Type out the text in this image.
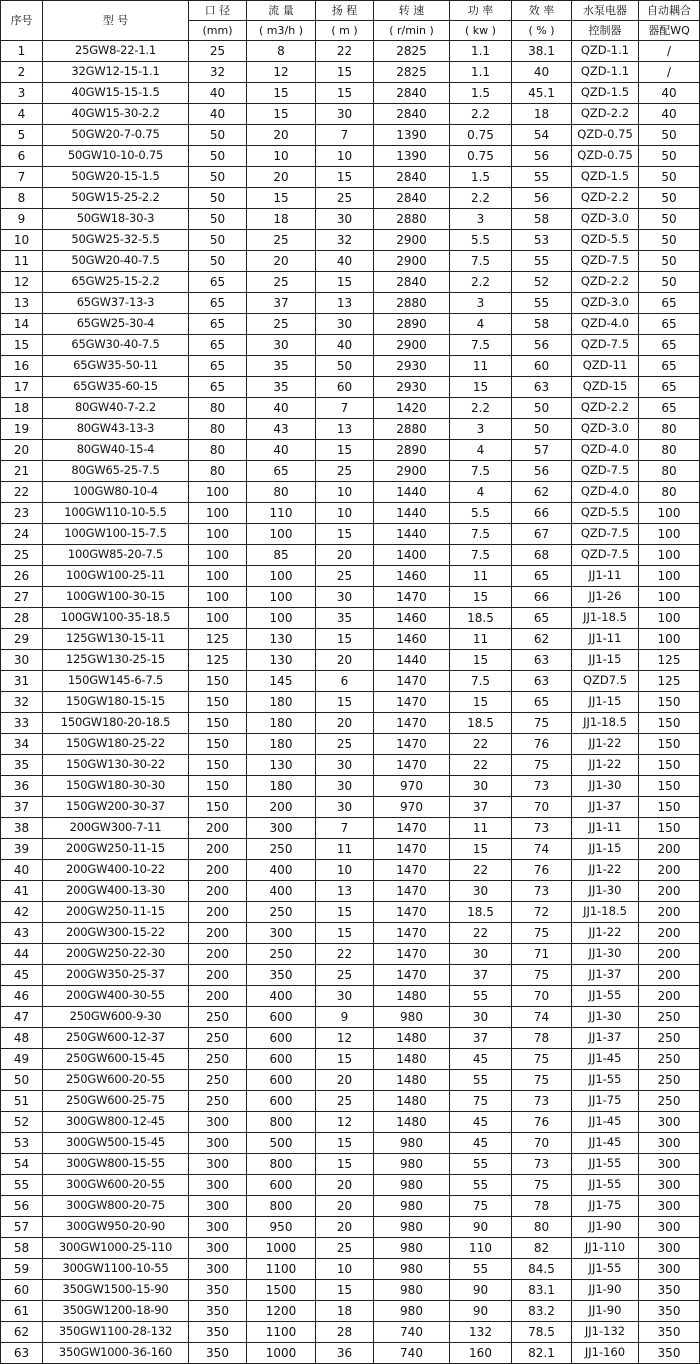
序号	型 号	口 径	流 量	扬 程	转 速	功 率	效 率	水泵电器	自动耦合
		(mm)	( m3/h )	( m )	( r/min )	( kw )	( % )	控制器	器配WQ
1	25GW8-22-1.1	25	8	22	2825	1.1	38.1	QZD-1.1	/
2	32GW12-15-1.1	32	12	15	2825	1.1	40	QZD-1.1	/
3	40GW15-15-1.5	40	15	15	2840	1.5	45.1	QZD-1.5	40
4	40GW15-30-2.2	40	15	30	2840	2.2	18	QZD-2.2	40
5	50GW20-7-0.75	50	20	7	1390	0.75	54	QZD-0.75	50
6	50GW10-10-0.75	50	10	10	1390	0.75	56	QZD-0.75	50
7	50GW20-15-1.5	50	20	15	2840	1.5	55	QZD-1.5	50
8	50GW15-25-2.2	50	15	25	2840	2.2	56	QZD-2.2	50
9	50GW18-30-3	50	18	30	2880	3	58	QZD-3.0	50
10	50GW25-32-5.5	50	25	32	2900	5.5	53	QZD-5.5	50
11	50GW20-40-7.5	50	20	40	2900	7.5	55	QZD-7.5	50
12	65GW25-15-2.2	65	25	15	2840	2.2	52	QZD-2.2	50
13	65GW37-13-3	65	37	13	2880	3	55	QZD-3.0	65
14	65GW25-30-4	65	25	30	2890	4	58	QZD-4.0	65
15	65GW30-40-7.5	65	30	40	2900	7.5	56	QZD-7.5	65
16	65GW35-50-11	65	35	50	2930	11	60	QZD-11	65
17	65GW35-60-15	65	35	60	2930	15	63	QZD-15	65
18	80GW40-7-2.2	80	40	7	1420	2.2	50	QZD-2.2	65
19	80GW43-13-3	80	43	13	2880	3	50	QZD-3.0	80
20	80GW40-15-4	80	40	15	2890	4	57	QZD-4.0	80
21	80GW65-25-7.5	80	65	25	2900	7.5	56	QZD-7.5	80
22	100GW80-10-4	100	80	10	1440	4	62	QZD-4.0	80
23	100GW110-10-5.5	100	110	10	1440	5.5	66	QZD-5.5	100
24	100GW100-15-7.5	100	100	15	1440	7.5	67	QZD-7.5	100
25	100GW85-20-7.5	100	85	20	1400	7.5	68	QZD-7.5	100
26	100GW100-25-11	100	100	25	1460	11	65	JJ1-11	100
27	100GW100-30-15	100	100	30	1470	15	66	JJ1-26	100
28	100GW100-35-18.5	100	100	35	1460	18.5	65	JJ1-18.5	100
29	125GW130-15-11	125	130	15	1460	11	62	JJ1-11	100
30	125GW130-25-15	125	130	20	1440	15	63	JJ1-15	125
31	150GW145-6-7.5	150	145	6	1470	7.5	63	QZD7.5	125
32	150GW180-15-15	150	180	15	1470	15	65	JJ1-15	150
33	150GW180-20-18.5	150	180	20	1470	18.5	75	JJ1-18.5	150
34	150GW180-25-22	150	180	25	1470	22	76	JJ1-22	150
35	150GW130-30-22	150	130	30	1470	22	75	JJ1-22	150
36	150GW180-30-30	150	180	30	970	30	73	JJ1-30	150
37	150GW200-30-37	150	200	30	970	37	70	JJ1-37	150
38	200GW300-7-11	200	300	7	1470	11	73	JJ1-11	150
39	200GW250-11-15	200	250	11	1470	15	74	JJ1-15	200
40	200GW400-10-22	200	400	10	1470	22	76	JJ1-22	200
41	200GW400-13-30	200	400	13	1470	30	73	JJ1-30	200
42	200GW250-11-15	200	250	15	1470	18.5	72	JJ1-18.5	200
43	200GW300-15-22	200	300	15	1470	22	75	JJ1-22	200
44	200GW250-22-30	200	250	22	1470	30	71	JJ1-30	200
45	200GW350-25-37	200	350	25	1470	37	75	JJ1-37	200
46	200GW400-30-55	200	400	30	1480	55	70	JJ1-55	200
47	250GW600-9-30	250	600	9	980	30	74	JJ1-30	250
48	250GW600-12-37	250	600	12	1480	37	78	JJ1-37	250
49	250GW600-15-45	250	600	15	1480	45	75	JJ1-45	250
50	250GW600-20-55	250	600	20	1480	55	75	JJ1-55	250
51	250GW600-25-75	250	600	25	1480	75	73	JJ1-75	250
52	300GW800-12-45	300	800	12	1480	45	76	JJ1-45	300
53	300GW500-15-45	300	500	15	980	45	70	JJ1-45	300
54	300GW800-15-55	300	800	15	980	55	73	JJ1-55	300
55	300GW600-20-55	300	600	20	980	55	75	JJ1-55	300
56	300GW800-20-75	300	800	20	980	75	78	JJ1-75	300
57	300GW950-20-90	300	950	20	980	90	80	JJ1-90	300
58	300GW1000-25-110	300	1000	25	980	110	82	JJ1-110	300
59	300GW1100-10-55	300	1100	10	980	55	84.5	JJ1-55	300
60	350GW1500-15-90	350	1500	15	980	90	83.1	JJ1-90	350
61	350GW1200-18-90	350	1200	18	980	90	83.2	JJ1-90	350
62	350GW1100-28-132	350	1100	28	740	132	78.5	JJ1-132	350
63	350GW1000-36-160	350	1000	36	740	160	82.1	JJ1-160	350
